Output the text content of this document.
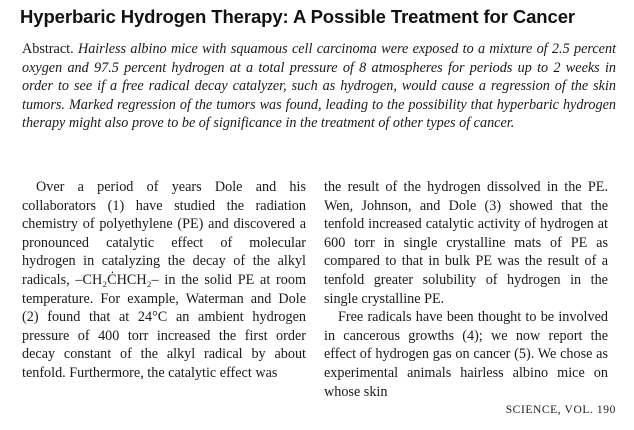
Hyperbaric Hydrogen Therapy: A Possible Treatment for Cancer
Abstract. Hairless albino mice with squamous cell carcinoma were exposed to a mixture of 2.5 percent oxygen and 97.5 percent hydrogen at a total pressure of 8 atmospheres for periods up to 2 weeks in order to see if a free radical decay catalyzer, such as hydrogen, would cause a regression of the skin tumors. Marked regression of the tumors was found, leading to the possibility that hyperbaric hydrogen therapy might also prove to be of significance in the treatment of other types of cancer.

Over a period of years Dole and his collaborators (1) have studied the radiation chemistry of polyethylene (PE) and discovered a pronounced catalytic effect of molecular hydrogen in catalyzing the decay of the alkyl radicals, –CH₂ĊHCH₂– in the solid PE at room temperature. For example, Waterman and Dole (2) found that at 24°C an ambient hydrogen pressure of 400 torr increased the first order decay constant of the alkyl radical by about tenfold. Furthermore, the catalytic effect was

the result of the hydrogen dissolved in the PE. Wen, Johnson, and Dole (3) showed that the tenfold increased catalytic activity of hydrogen at 600 torr in single crystalline mats of PE as compared to that in bulk PE was the result of a tenfold greater solubility of hydrogen in the single crystalline PE.

Free radicals have been thought to be involved in cancerous growths (4); we now report the effect of hydrogen gas on cancer (5). We chose as experimental animals hairless albino mice on whose skin

SCIENCE, VOL. 190
